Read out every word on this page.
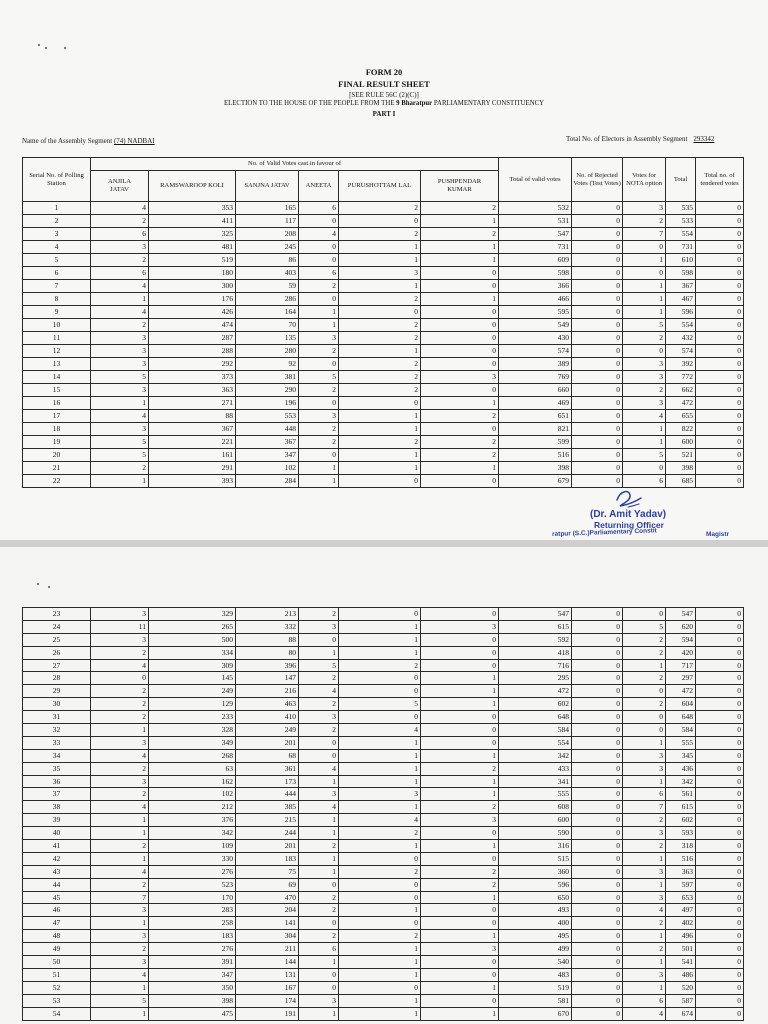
FORM 20
FINAL RESULT SHEET
[SEE RULE 56C (2)(C)]
ELECTION TO THE HOUSE OF THE PEOPLE FROM THE 9 Bharatpur PARLIAMENTARY CONSTITUENCY
PART I
Name of the Assembly Segment (74) NADBAI	Total No. of Electors in Assembly Segment 293342
Serial No. of Polling Station	No. of Valid Votes cast in favour of						Total of valid votes	No. of Rejected Votes (Test Votes)	Votes for NOTA option	Total	Total no. of tendered votes
	ANJILA JATAV	RAMSWAROOP KOLI	SANJNA JATAV	ANEETA	PURUSHOTTAM LAL	PUSHPENDAR KUMAR					
1	4	353	165	6	2	2	532	0	3	535	0
2	2	411	117	0	0	1	531	0	2	533	0
3	6	325	208	4	2	2	547	0	7	554	0
4	3	481	245	0	1	1	731	0	0	731	0
5	2	519	86	0	1	1	609	0	1	610	0
6	6	180	403	6	3	0	598	0	0	598	0
7	4	300	59	2	1	0	366	0	1	367	0
8	1	176	286	0	2	1	466	0	1	467	0
9	4	426	164	1	0	0	595	0	1	596	0
10	2	474	70	1	2	0	549	0	5	554	0
11	3	287	135	3	2	0	430	0	2	432	0
12	3	288	280	2	1	0	574	0	0	574	0
13	3	292	92	0	2	0	389	0	3	392	0
14	5	373	381	5	2	3	769	0	3	772	0
15	3	363	290	2	2	0	660	0	2	662	0
16	1	271	196	0	0	1	469	0	3	472	0
17	4	88	553	3	1	2	651	0	4	655	0
18	3	367	448	2	1	0	821	0	1	822	0
19	5	221	367	2	2	2	599	0	1	600	0
20	5	161	347	0	1	2	516	0	5	521	0
21	2	291	102	1	1	1	398	0	0	398	0
22	1	393	284	1	0	0	679	0	6	685	0
(Dr. Amit Yadav)
Returning Officer
ratpur (S.C.)Parliamentary Constit	Magistr
23	3	329	213	2	0	0	547	0	0	547	0
24	11	265	332	3	1	3	615	0	5	620	0
25	3	500	88	0	1	0	592	0	2	594	0
26	2	334	80	1	1	0	418	0	2	420	0
27	4	309	396	5	2	0	716	0	1	717	0
28	0	145	147	2	0	1	295	0	2	297	0
29	2	249	216	4	0	1	472	0	0	472	0
30	2	129	463	2	5	1	602	0	2	604	0
31	2	233	410	3	0	0	648	0	0	648	0
32	1	328	249	2	4	0	584	0	0	584	0
33	3	349	201	0	1	0	554	0	1	555	0
34	4	268	68	0	1	1	342	0	3	345	0
35	2	63	361	4	1	2	433	0	3	436	0
36	3	162	173	1	1	1	341	0	1	342	0
37	2	102	444	3	3	1	555	0	6	561	0
38	4	212	385	4	1	2	608	0	7	615	0
39	1	376	215	1	4	3	600	0	2	602	0
40	1	342	244	1	2	0	590	0	3	593	0
41	2	109	201	2	1	1	316	0	2	318	0
42	1	330	183	1	0	0	515	0	1	516	0
43	4	276	75	1	2	2	360	0	3	363	0
44	2	523	69	0	0	2	596	0	1	597	0
45	7	170	470	2	0	1	650	0	3	653	0
46	3	283	204	2	1	0	493	0	4	497	0
47	1	258	141	0	0	0	400	0	2	402	0
48	3	183	304	2	2	1	495	0	1	496	0
49	2	276	211	6	1	3	499	0	2	501	0
50	3	391	144	1	1	0	540	0	1	541	0
51	4	347	131	0	1	0	483	0	3	486	0
52	1	350	167	0	0	1	519	0	1	520	0
53	5	398	174	3	1	0	581	0	6	587	0
54	1	475	191	1	1	1	670	0	4	674	0
